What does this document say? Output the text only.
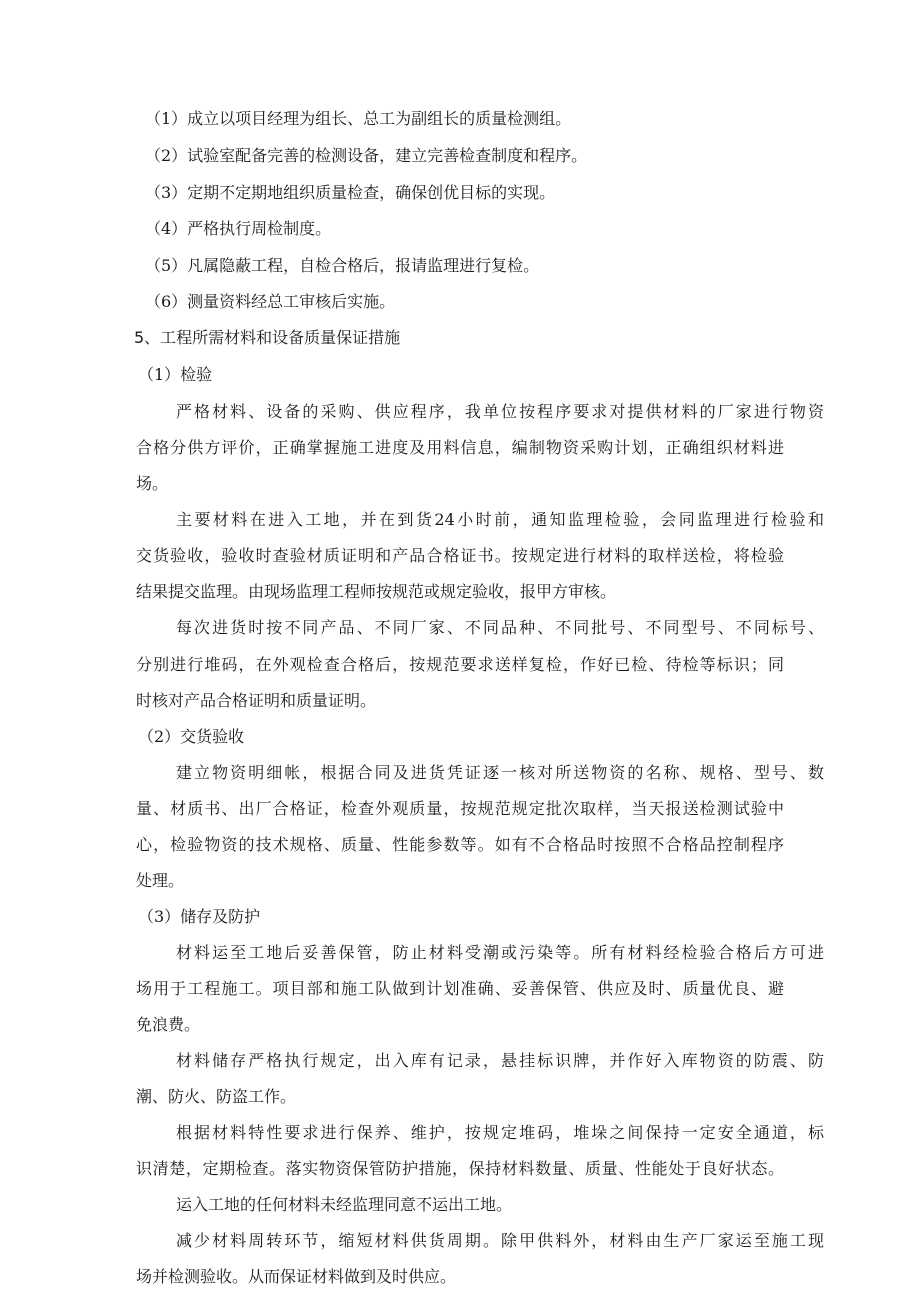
（1）成立以项目经理为组长、总工为副组长的质量检测组。
（2）试验室配备完善的检测设备，建立完善检查制度和程序。
（3）定期不定期地组织质量检查，确保创优目标的实现。
（4）严格执行周检制度。
（5）凡属隐蔽工程，自检合格后，报请监理进行复检。
（6）测量资料经总工审核后实施。
5、工程所需材料和设备质量保证措施
（1）检验
严格材料、设备的采购、供应程序，我单位按程序要求对提供材料的厂家进行物资
合格分供方评价，正确掌握施工进度及用料信息，编制物资采购计划，正确组织材料进
场。
主要材料在进入工地，并在到货24小时前，通知监理检验，会同监理进行检验和
交货验收，验收时查验材质证明和产品合格证书。按规定进行材料的取样送检，将检验
结果提交监理。由现场监理工程师按规范或规定验收，报甲方审核。
每次进货时按不同产品、不同厂家、不同品种、不同批号、不同型号、不同标号、
分别进行堆码，在外观检查合格后，按规范要求送样复检，作好已检、待检等标识；同
时核对产品合格证明和质量证明。
（2）交货验收
建立物资明细帐，根据合同及进货凭证逐一核对所送物资的名称、规格、型号、数
量、材质书、出厂合格证，检查外观质量，按规范规定批次取样，当天报送检测试验中
心，检验物资的技术规格、质量、性能参数等。如有不合格品时按照不合格品控制程序
处理。
（3）储存及防护
材料运至工地后妥善保管，防止材料受潮或污染等。所有材料经检验合格后方可进
场用于工程施工。项目部和施工队做到计划准确、妥善保管、供应及时、质量优良、避
免浪费。
材料储存严格执行规定，出入库有记录，悬挂标识牌，并作好入库物资的防震、防
潮、防火、防盗工作。
根据材料特性要求进行保养、维护，按规定堆码，堆垛之间保持一定安全通道，标
识清楚，定期检查。落实物资保管防护措施，保持材料数量、质量、性能处于良好状态。
运入工地的任何材料未经监理同意不运出工地。
减少材料周转环节，缩短材料供货周期。除甲供料外，材料由生产厂家运至施工现
场并检测验收。从而保证材料做到及时供应。
